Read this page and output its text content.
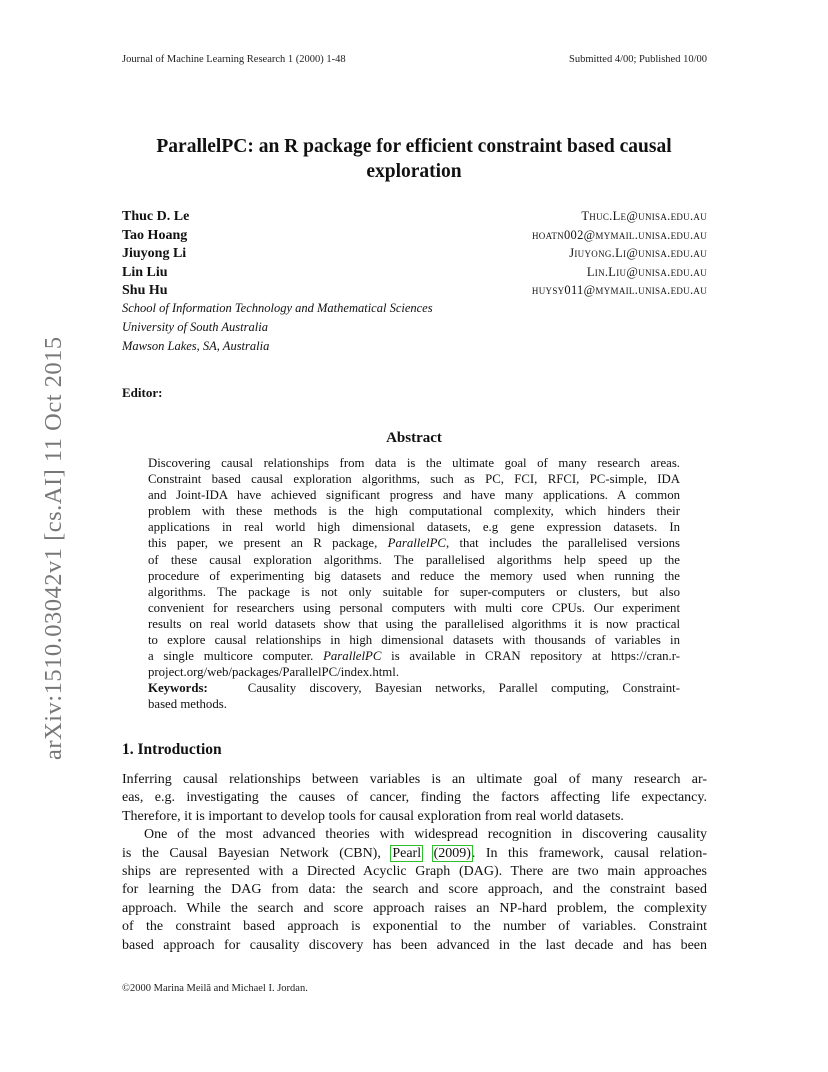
Journal of Machine Learning Research 1 (2000) 1-48	Submitted 4/00; Published 10/00
ParallelPC: an R package for efficient constraint based causal
exploration
Thuc D. Le	Thuc.Le@unisa.edu.au
Tao Hoang	hoatn002@mymail.unisa.edu.au
Jiuyong Li	Jiuyong.Li@unisa.edu.au
Lin Liu	Lin.Liu@unisa.edu.au
Shu Hu	huysy011@mymail.unisa.edu.au
School of Information Technology and Mathematical Sciences
University of South Australia
Mawson Lakes, SA, Australia
Editor:
Abstract
Discovering causal relationships from data is the ultimate goal of many research areas.
Constraint based causal exploration algorithms, such as PC, FCI, RFCI, PC-simple, IDA
and Joint-IDA have achieved significant progress and have many applications. A common
problem with these methods is the high computational complexity, which hinders their
applications in real world high dimensional datasets, e.g gene expression datasets. In
this paper, we present an R package, ParallelPC, that includes the parallelised versions
of these causal exploration algorithms. The parallelised algorithms help speed up the
procedure of experimenting big datasets and reduce the memory used when running the
algorithms. The package is not only suitable for super-computers or clusters, but also
convenient for researchers using personal computers with multi core CPUs. Our experiment
results on real world datasets show that using the parallelised algorithms it is now practical
to explore causal relationships in high dimensional datasets with thousands of variables in
a single multicore computer. ParallelPC is available in CRAN repository at https://cran.r-
project.org/web/packages/ParallelPC/index.html.
Keywords:	Causality discovery, Bayesian networks, Parallel computing, Constraint-
based methods.
1. Introduction
Inferring causal relationships between variables is an ultimate goal of many research ar-
eas, e.g. investigating the causes of cancer, finding the factors affecting life expectancy.
Therefore, it is important to develop tools for causal exploration from real world datasets.
One of the most advanced theories with widespread recognition in discovering causality
is the Causal Bayesian Network (CBN), Pearl (2009). In this framework, causal relation-
ships are represented with a Directed Acyclic Graph (DAG). There are two main approaches
for learning the DAG from data: the search and score approach, and the constraint based
approach. While the search and score approach raises an NP-hard problem, the complexity
of the constraint based approach is exponential to the number of variables. Constraint
based approach for causality discovery has been advanced in the last decade and has been
©2000 Marina Meilă and Michael I. Jordan.
arXiv:1510.03042v1 [cs.AI] 11 Oct 2015
